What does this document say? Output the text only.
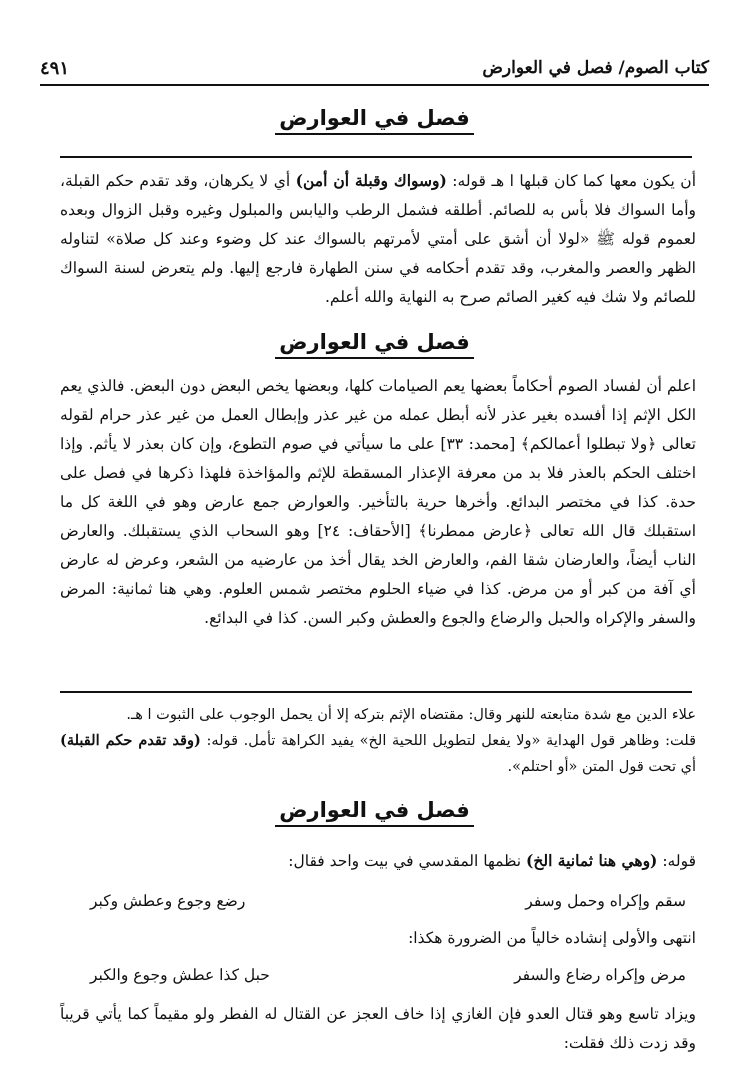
كتاب الصوم/ فصل في العوارض
٤٩١
فصل في العوارض
أن يكون معها كما كان قبلها ا هـ قوله: (وسواك وقبلة أن أمن) أي لا يكرهان، وقد تقدم حكم القبلة، وأما السواك فلا بأس به للصائم. أطلقه فشمل الرطب واليابس والمبلول وغيره وقبل الزوال وبعده لعموم قوله ﷺ «لولا أن أشق على أمتي لأمرتهم بالسواك عند كل وضوء وعند كل صلاة» لتناوله الظهر والعصر والمغرب، وقد تقدم أحكامه في سنن الطهارة فارجع إليها. ولم يتعرض لسنة السواك للصائم ولا شك فيه كغير الصائم صرح به النهاية والله أعلم.
فصل في العوارض
اعلم أن لفساد الصوم أحكاماً بعضها يعم الصيامات كلها، وبعضها يخص البعض دون البعض. فالذي يعم الكل الإثم إذا أفسده بغير عذر لأنه أبطل عمله من غير عذر وإبطال العمل من غير عذر حرام لقوله تعالى ﴿ولا تبطلوا أعمالكم﴾ [محمد: ٣٣] على ما سيأتي في صوم التطوع، وإن كان بعذر لا يأثم. وإذا اختلف الحكم بالعذر فلا بد من معرفة الإعذار المسقطة للإثم والمؤاخذة فلهذا ذكرها في فصل على حدة. كذا في مختصر البدائع. وأخرها حرية بالتأخير. والعوارض جمع عارض وهو في اللغة كل ما استقبلك قال الله تعالى ﴿عارض ممطرنا﴾ [الأحقاف: ٢٤] وهو السحاب الذي يستقبلك. والعارض الناب أيضاً، والعارضان شقا الفم، والعارض الخد يقال أخذ من عارضيه من الشعر، وعرض له عارض أي آفة من كبر أو من مرض. كذا في ضياء الحلوم مختصر شمس العلوم. وهي هنا ثمانية: المرض والسفر والإكراه والحبل والرضاع والجوع والعطش وكبر السن. كذا في البدائع.
علاء الدين مع شدة متابعته للنهر وقال: مقتضاه الإثم بتركه إلا أن يحمل الوجوب على الثبوت ا هـ.
قلت: وظاهر قول الهداية «ولا يفعل لتطويل اللحية الخ» يفيد الكراهة تأمل. قوله: (وقد تقدم حكم القبلة) أي تحت قول المتن «أو احتلم».
فصل في العوارض
قوله: (وهي هنا ثمانية الخ) نظمها المقدسي في بيت واحد فقال:
سقم وإكراه وحمل وسفر
رضع وجوع وعطش وكبر
انتهى والأولى إنشاده خالياً من الضرورة هكذا:
مرض وإكراه رضاع والسفر
حبل كذا عطش وجوع والكبر
ويزاد تاسع وهو قتال العدو فإن الغازي إذا خاف العجز عن القتال له الفطر ولو مقيماً كما يأتي قريباً وقد زدت ذلك فقلت:
